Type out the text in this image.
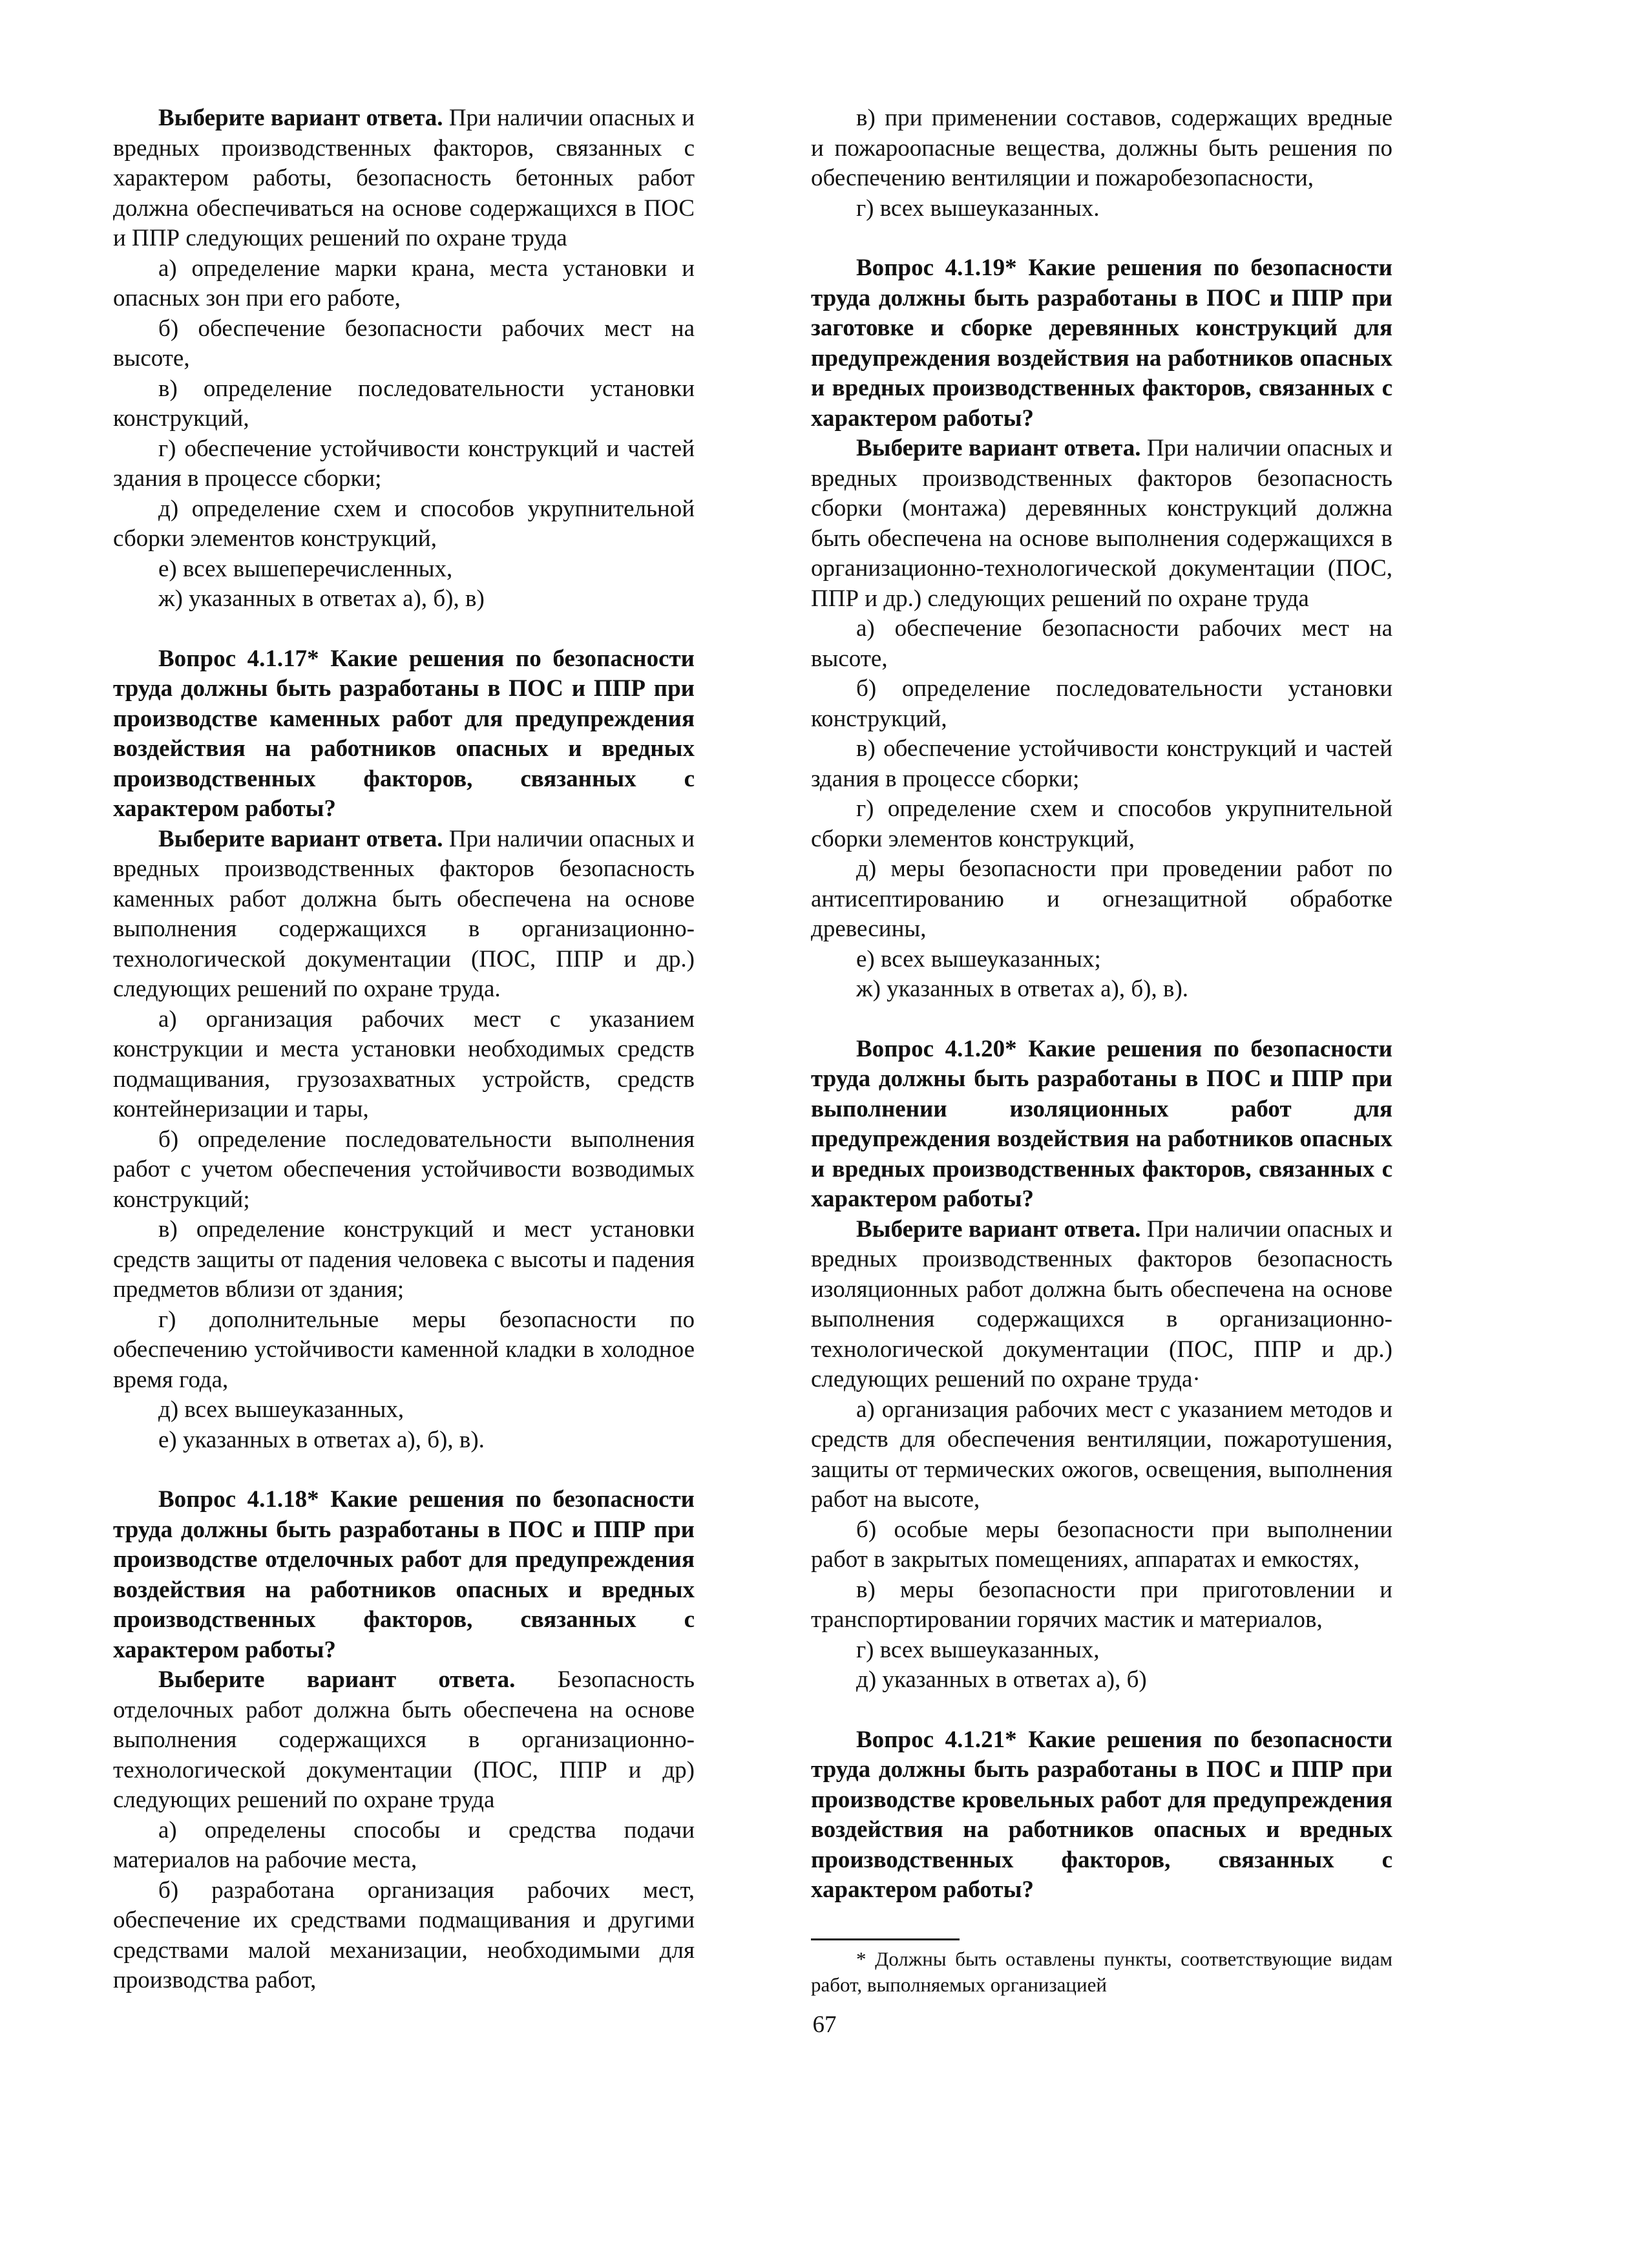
Выберите вариант ответа. При наличии опасных и вредных производственных факторов, связанных с характером работы, безопасность бетонных работ должна обеспечиваться на основе содержащихся в ПОС и ППР следующих решений по охране труда

а) определение марки крана, места установки и опасных зон при его работе,

б) обеспечение безопасности рабочих мест на высоте,

в) определение последовательности установки конструкций,

г) обеспечение устойчивости конструкций и частей здания в процессе сборки;

д) определение схем и способов укрупнительной сборки элементов конструкций,

е) всех вышеперечисленных,

ж) указанных в ответах а), б), в)

Вопрос 4.1.17* Какие решения по безопасности труда должны быть разработаны в ПОС и ППР при производстве каменных работ для предупреждения воздействия на работников опасных и вредных производственных факторов, связанных с характером работы?

Выберите вариант ответа. При наличии опасных и вредных производственных факторов безопасность каменных работ должна быть обеспечена на основе выполнения содержащихся в организационно-технологической документации (ПОС, ППР и др.) следующих решений по охране труда.

а) организация рабочих мест с указанием конструкции и места установки необходимых средств подмащивания, грузозахватных устройств, средств контейнеризации и тары,

б) определение последовательности выполнения работ с учетом обеспечения устойчивости возводимых конструкций;

в) определение конструкций и мест установки средств защиты от падения человека с высоты и падения предметов вблизи от здания;

г) дополнительные меры безопасности по обеспечению устойчивости каменной кладки в холодное время года,

д) всех вышеуказанных,

е) указанных в ответах а), б), в).

Вопрос 4.1.18* Какие решения по безопасности труда должны быть разработаны в ПОС и ППР при производстве отделочных работ для предупреждения воздействия на работников опасных и вредных производственных факторов, связанных с характером работы?

Выберите вариант ответа. Безопасность отделочных работ должна быть обеспечена на основе выполнения содержащихся в организационно-технологической документации (ПОС, ППР и др) следующих решений по охране труда

а) определены способы и средства подачи материалов на рабочие места,

б) разработана организация рабочих мест, обеспечение их средствами подмащивания и другими средствами малой механизации, необходимыми для производства работ,

в) при применении составов, содержащих вредные и пожароопасные вещества, должны быть решения по обеспечению вентиляции и пожаробезопасности,

г) всех вышеуказанных.

Вопрос 4.1.19* Какие решения по безопасности труда должны быть разработаны в ПОС и ППР при заготовке и сборке деревянных конструкций для предупреждения воздействия на работников опасных и вредных производственных факторов, связанных с характером работы?

Выберите вариант ответа. При наличии опасных и вредных производственных факторов безопасность сборки (монтажа) деревянных конструкций должна быть обеспечена на основе выполнения содержащихся в организационно-технологической документации (ПОС, ППР и др.) следующих решений по охране труда

а) обеспечение безопасности рабочих мест на высоте,

б) определение последовательности установки конструкций,

в) обеспечение устойчивости конструкций и частей здания в процессе сборки;

г) определение схем и способов укрупнительной сборки элементов конструкций,

д) меры безопасности при проведении работ по антисептированию и огнезащитной обработке древесины,

е) всех вышеуказанных;

ж) указанных в ответах а), б), в).

Вопрос 4.1.20* Какие решения по безопасности труда должны быть разработаны в ПОС и ППР при выполнении изоляционных работ для предупреждения воздействия на работников опасных и вредных производственных факторов, связанных с характером работы?

Выберите вариант ответа. При наличии опасных и вредных производственных факторов безопасность изоляционных работ должна быть обеспечена на основе выполнения содержащихся в организационно-технологической документации (ПОС, ППР и др.) следующих решений по охране труда·

а) организация рабочих мест с указанием методов и средств для обеспечения вентиляции, пожаротушения, защиты от термических ожогов, освещения, выполнения работ на высоте,

б) особые меры безопасности при выполнении работ в закрытых помещениях, аппаратах и емкостях,

в) меры безопасности при приготовлении и транспортировании горячих мастик и материалов,

г) всех вышеуказанных,

д) указанных в ответах а), б)

Вопрос 4.1.21* Какие решения по безопасности труда должны быть разработаны в ПОС и ППР при производстве кровельных работ для предупреждения воздействия на работников опасных и вредных производственных факторов, связанных с характером работы?

* Должны быть оставлены пункты, соответствующие видам работ, выполняемых организацией
67
